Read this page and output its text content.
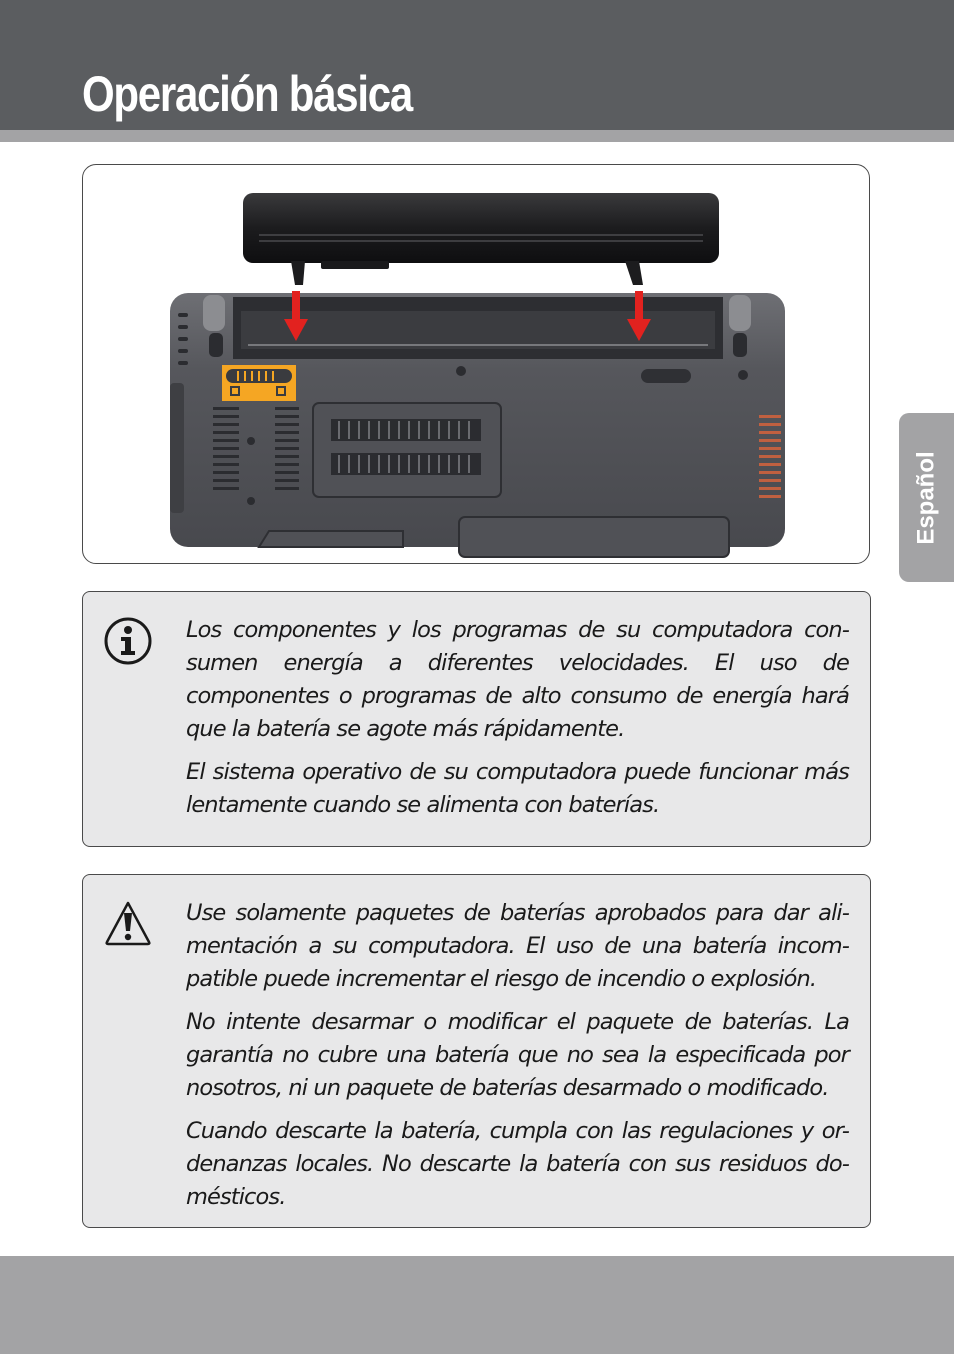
Operación básica
Español

Los componentes y los programas de su computadora con-sumen energía a diferentes velocidades. El uso de componentes o programas de alto consumo de energía hará que la batería se agote más rápidamente.

El sistema operativo de su computadora puede funcionar más lentamente cuando se alimenta con baterías.

Use solamente paquetes de baterías aprobados para dar ali-mentación a su computadora. El uso de una batería incom-patible puede incrementar el riesgo de incendio o explosión.

No intente desarmar o modificar el paquete de baterías. La garantía no cubre una batería que no sea la especificada por nosotros, ni un paquete de baterías desarmado o modificado.

Cuando descarte la batería, cumpla con las regulaciones y or-denanzas locales. No descarte la batería con sus residuos do-mésticos.
